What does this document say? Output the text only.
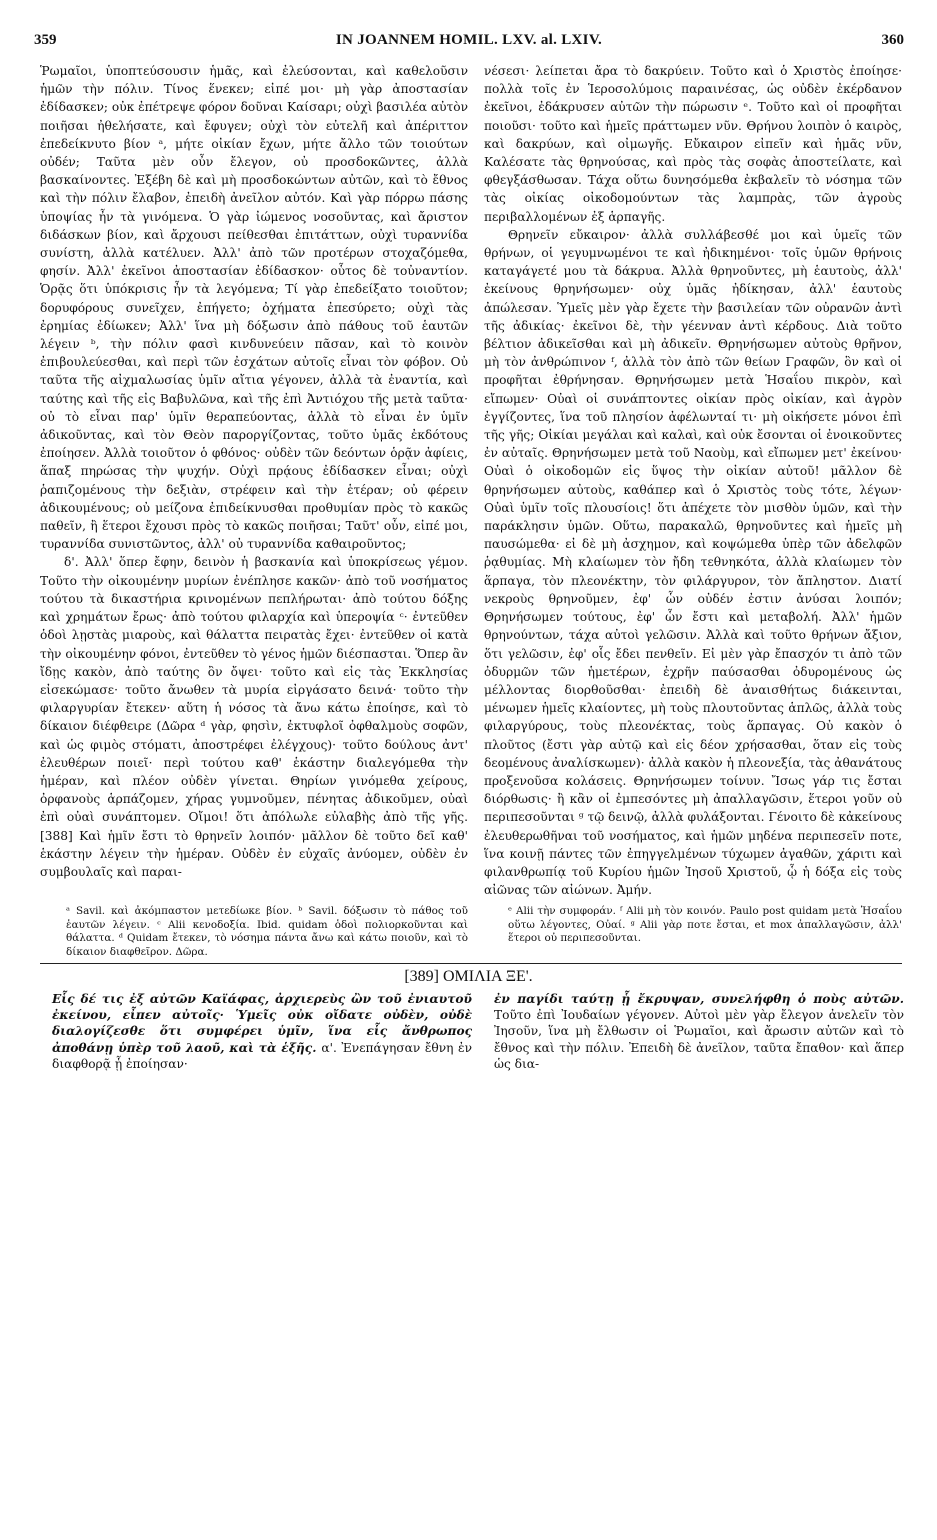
359	IN JOANNEM HOMIL. LXV. al. LXIV.	360

Ῥωμαῖοι, ὑποπτεύσουσιν ἡμᾶς, καὶ ἐλεύσονται, καὶ καθελοῦσιν ἡμῶν τὴν πόλιν. Τίνος ἕνεκεν; εἰπέ μοι· μὴ γὰρ ἀποστασίαν ἐδίδασκεν; οὐκ ἐπέτρεψε φόρον δοῦναι Καίσαρι; οὐχὶ βασιλέα αὐτὸν ποιῆσαι ἠθελήσατε, καὶ ἔφυγεν; οὐχὶ τὸν εὐτελῆ καὶ ἀπέριττον ἐπεδείκνυτο βίον ᵃ, μήτε οἰκίαν ἔχων, μήτε ἄλλο τῶν τοιούτων οὐδέν; Ταῦτα μὲν οὖν ἔλεγον, οὐ προσδοκῶντες, ἀλλὰ βασκαίνοντες. Ἐξέβη δὲ καὶ μὴ προσδοκώντων αὐτῶν, καὶ τὸ ἔθνος καὶ τὴν πόλιν ἔλαβον, ἐπειδὴ ἀνεῖλον αὐτόν. Καὶ γὰρ πόρρω πάσης ὑποψίας ἦν τὰ γινόμενα. Ὁ γὰρ ἰώμενος νοσοῦντας, καὶ ἄριστον διδάσκων βίον, καὶ ἄρχουσι πείθεσθαι ἐπιτάττων, οὐχὶ τυραννίδα συνίστη, ἀλλὰ κατέλυεν. Ἀλλ' ἀπὸ τῶν προτέρων στοχαζόμεθα, φησίν. Ἀλλ' ἐκεῖνοι ἀποστασίαν ἐδίδασκον· οὗτος δὲ τοὐναντίον. Ὁρᾷς ὅτι ὑπόκρισις ἦν τὰ λεγόμενα; Τί γὰρ ἐπεδείξατο τοιοῦτον; δορυφόρους συνεῖχεν, ἐπήγετο; ὀχήματα ἐπεσύρετο; οὐχὶ τὰς ἐρημίας ἐδίωκεν; Ἀλλ' ἵνα μὴ δόξωσιν ἀπὸ πάθους τοῦ ἑαυτῶν λέγειν ᵇ, τὴν πόλιν φασὶ κινδυνεύειν πᾶσαν, καὶ τὸ κοινὸν ἐπιβουλεύεσθαι, καὶ περὶ τῶν ἐσχάτων αὐτοῖς εἶναι τὸν φόβον. Οὐ ταῦτα τῆς αἰχμαλωσίας ὑμῖν αἴτια γέγονεν, ἀλλὰ τὰ ἐναντία, καὶ ταύτης καὶ τῆς εἰς Βαβυλῶνα, καὶ τῆς ἐπὶ Ἀντιόχου τῆς μετὰ ταῦτα· οὐ τὸ εἶναι παρ' ὑμῖν θεραπεύοντας, ἀλλὰ τὸ εἶναι ἐν ὑμῖν ἀδικοῦντας, καὶ τὸν Θεὸν παροργίζοντας, τοῦτο ὑμᾶς ἐκδότους ἐποίησεν. Ἀλλὰ τοιοῦτον ὁ φθόνος· οὐδὲν τῶν δεόντων ὁρᾷν ἀφίεις, ἅπαξ πηρώσας τὴν ψυχήν. Οὐχὶ πρᾴους ἐδίδασκεν εἶναι; οὐχὶ ῥαπιζομένους τὴν δεξιὰν, στρέφειν καὶ τὴν ἑτέραν; οὐ φέρειν ἀδικουμένους; οὐ μείζονα ἐπιδείκνυσθαι προθυμίαν πρὸς τὸ κακῶς παθεῖν, ἢ ἕτεροι ἔχουσι πρὸς τὸ κακῶς ποιῆσαι; Ταῦτ' οὖν, εἰπέ μοι, τυραννίδα συνιστῶντος, ἀλλ' οὐ τυραννίδα καθαιροῦντος;

δ'. Ἀλλ' ὅπερ ἔφην, δεινὸν ἡ βασκανία καὶ ὑποκρίσεως γέμον. Τοῦτο τὴν οἰκουμένην μυρίων ἐνέπλησε κακῶν· ἀπὸ τοῦ νοσήματος τούτου τὰ δικαστήρια κρινομένων πεπλήρωται· ἀπὸ τούτου δόξης καὶ χρημάτων ἔρως· ἀπὸ τούτου φιλαρχία καὶ ὑπεροψία ᶜ· ἐντεῦθεν ὁδοὶ λῃστὰς μιαροὺς, καὶ θάλαττα πειρατὰς ἔχει· ἐντεῦθεν οἱ κατὰ τὴν οἰκουμένην φόνοι, ἐντεῦθεν τὸ γένος ἡμῶν διέσπασται. Ὅπερ ἂν ἴδῃς κακὸν, ἀπὸ ταύτης ὂν ὄψει· τοῦτο καὶ εἰς τὰς Ἐκκλησίας εἰσεκώμασε· τοῦτο ἄνωθεν τὰ μυρία εἰργάσατο δεινά· τοῦτο τὴν φιλαργυρίαν ἔτεκεν· αὕτη ἡ νόσος τὰ ἄνω κάτω ἐποίησε, καὶ τὸ δίκαιον διέφθειρε (Δῶρα ᵈ γὰρ, φησὶν, ἐκτυφλοῖ ὀφθαλμοὺς σοφῶν, καὶ ὡς φιμὸς στόματι, ἀποστρέφει ἐλέγχους)· τοῦτο δούλους ἀντ' ἐλευθέρων ποιεῖ· περὶ τούτου καθ' ἑκάστην διαλεγόμεθα τὴν ἡμέραν, καὶ πλέον οὐδὲν γίνεται. Θηρίων γινόμεθα χείρους, ὀρφανοὺς ἁρπάζομεν, χήρας γυμνοῦμεν, πένητας ἀδικοῦμεν, οὐαὶ ἐπὶ οὐαὶ συνάπτομεν. Οἴμοι! ὅτι ἀπόλωλε εὐλαβὴς ἀπὸ τῆς γῆς. [388] Καὶ ἡμῖν ἔστι τὸ θρηνεῖν λοιπόν· μᾶλλον δὲ τοῦτο δεῖ καθ' ἑκάστην λέγειν τὴν ἡμέραν. Οὐδὲν ἐν εὐχαῖς ἀνύομεν, οὐδὲν ἐν συμβουλαῖς καὶ παραι-

νέσεσι· λείπεται ἄρα τὸ δακρύειν. Τοῦτο καὶ ὁ Χριστὸς ἐποίησε· πολλὰ τοῖς ἐν Ἱεροσολύμοις παραινέσας, ὡς οὐδὲν ἐκέρδανον ἐκεῖνοι, ἐδάκρυσεν αὐτῶν τὴν πώρωσιν ᵉ. Τοῦτο καὶ οἱ προφῆται ποιοῦσι· τοῦτο καὶ ἡμεῖς πράττωμεν νῦν. Θρήνου λοιπὸν ὁ καιρὸς, καὶ δακρύων, καὶ οἰμωγῆς. Εὔκαιρον εἰπεῖν καὶ ἡμᾶς νῦν, Καλέσατε τὰς θρηνούσας, καὶ πρὸς τὰς σοφὰς ἀποστείλατε, καὶ φθεγξάσθωσαν. Τάχα οὕτω δυνησόμεθα ἐκβαλεῖν τὸ νόσημα τῶν τὰς οἰκίας οἰκοδομούντων τὰς λαμπρὰς, τῶν ἀγροὺς περιβαλλομένων ἐξ ἁρπαγῆς.

Θρηνεῖν εὔκαιρον· ἀλλὰ συλλάβεσθέ μοι καὶ ὑμεῖς τῶν θρήνων, οἱ γεγυμνωμένοι τε καὶ ἠδικημένοι· τοῖς ὑμῶν θρήνοις καταγάγετέ μου τὰ δάκρυα. Ἀλλὰ θρηνοῦντες, μὴ ἑαυτοὺς, ἀλλ' ἐκείνους θρηνήσωμεν· οὐχ ὑμᾶς ἠδίκησαν, ἀλλ' ἑαυτοὺς ἀπώλεσαν. Ὑμεῖς μὲν γὰρ ἔχετε τὴν βασιλείαν τῶν οὐρανῶν ἀντὶ τῆς ἀδικίας· ἐκεῖνοι δὲ, τὴν γέενναν ἀντὶ κέρδους. Διὰ τοῦτο βέλτιον ἀδικεῖσθαι καὶ μὴ ἀδικεῖν. Θρηνήσωμεν αὐτοὺς θρῆνον, μὴ τὸν ἀνθρώπινον ᶠ, ἀλλὰ τὸν ἀπὸ τῶν θείων Γραφῶν, ὃν καὶ οἱ προφῆται ἐθρήνησαν. Θρηνήσωμεν μετὰ Ἡσαΐου πικρὸν, καὶ εἴπωμεν· Οὐαὶ οἱ συνάπτοντες οἰκίαν πρὸς οἰκίαν, καὶ ἀγρὸν ἐγγίζοντες, ἵνα τοῦ πλησίον ἀφέλωνταί τι· μὴ οἰκήσετε μόνοι ἐπὶ τῆς γῆς; Οἰκίαι μεγάλαι καὶ καλαὶ, καὶ οὐκ ἔσονται οἱ ἐνοικοῦντες ἐν αὐταῖς. Θρηνήσωμεν μετὰ τοῦ Ναοὺμ, καὶ εἴπωμεν μετ' ἐκείνου· Οὐαὶ ὁ οἰκοδομῶν εἰς ὕψος τὴν οἰκίαν αὐτοῦ! μᾶλλον δὲ θρηνήσωμεν αὐτοὺς, καθάπερ καὶ ὁ Χριστὸς τοὺς τότε, λέγων· Οὐαὶ ὑμῖν τοῖς πλουσίοις! ὅτι ἀπέχετε τὸν μισθὸν ὑμῶν, καὶ τὴν παράκλησιν ὑμῶν. Οὕτω, παρακαλῶ, θρηνοῦντες καὶ ἡμεῖς μὴ παυσώμεθα· εἰ δὲ μὴ ἀσχημον, καὶ κοψώμεθα ὑπὲρ τῶν ἀδελφῶν ῥᾳθυμίας. Μὴ κλαίωμεν τὸν ἤδη τεθνηκότα, ἀλλὰ κλαίωμεν τὸν ἅρπαγα, τὸν πλεονέκτην, τὸν φιλάργυρον, τὸν ἄπληστον. Διατί νεκροὺς θρηνοῦμεν, ἐφ' ὧν οὐδέν ἐστιν ἀνύσαι λοιπόν; Θρηνήσωμεν τούτους, ἐφ' ὧν ἔστι καὶ μεταβολή. Ἀλλ' ἡμῶν θρηνούντων, τάχα αὐτοὶ γελῶσιν. Ἀλλὰ καὶ τοῦτο θρήνων ἄξιον, ὅτι γελῶσιν, ἐφ' οἷς ἔδει πενθεῖν. Εἰ μὲν γὰρ ἔπασχόν τι ἀπὸ τῶν ὀδυρμῶν τῶν ἡμετέρων, ἐχρῆν παύσασθαι ὀδυρομένους ὡς μέλλοντας διορθοῦσθαι· ἐπειδὴ δὲ ἀναισθήτως διάκεινται, μένωμεν ἡμεῖς κλαίοντες, μὴ τοὺς πλουτοῦντας ἁπλῶς, ἀλλὰ τοὺς φιλαργύρους, τοὺς πλεονέκτας, τοὺς ἅρπαγας. Οὐ κακὸν ὁ πλοῦτος (ἔστι γὰρ αὐτῷ καὶ εἰς δέον χρήσασθαι, ὅταν εἰς τοὺς δεομένους ἀναλίσκωμεν)· ἀλλὰ κακὸν ἡ πλεονεξία, τὰς ἀθανάτους προξενοῦσα κολάσεις. Θρηνήσωμεν τοίνυν. Ἴσως γάρ τις ἔσται διόρθωσις· ἢ κἂν οἱ ἐμπεσόντες μὴ ἀπαλλαγῶσιν, ἕτεροι γοῦν οὐ περιπεσοῦνται ᵍ τῷ δεινῷ, ἀλλὰ φυλάξονται. Γένοιτο δὲ κἀκείνους ἐλευθερωθῆναι τοῦ νοσήματος, καὶ ἡμῶν μηδένα περιπεσεῖν ποτε, ἵνα κοινῇ πάντες τῶν ἐπηγγελμένων τύχωμεν ἀγαθῶν, χάριτι καὶ φιλανθρωπίᾳ τοῦ Κυρίου ἡμῶν Ἰησοῦ Χριστοῦ, ᾧ ἡ δόξα εἰς τοὺς αἰῶνας τῶν αἰώνων. Ἀμήν.

ᵃ Savil. καὶ ἀκόμπαστον μετεδίωκε βίον. ᵇ Savil. δόξωσιν τὸ πάθος τοῦ ἑαυτῶν λέγειν. ᶜ Alii κενοδοξία. Ibid. quidam ὁδοὶ πολιορκοῦνται καὶ θάλαττα. ᵈ Quidam ἔτεκεν, τὸ νόσημα πάντα ἄνω καὶ κάτω ποιοῦν, καὶ τὸ δίκαιον διαφθεῖρον. Δῶρα.
ᵉ Alii τὴν συμφοράν. ᶠ Alii μὴ τὸν κοινόν. Paulo post quidam μετὰ Ἡσαΐου οὕτω λέγοντες, Οὐαί. ᵍ Alii γὰρ ποτε ἔσται, et mox ἀπαλλαγῶσιν, ἀλλ' ἕτεροι οὐ περιπεσοῦνται.
[389] ΟΜΙΛΙΑ ΞΕ'.
Εἷς δέ τις ἐξ αὐτῶν Καϊάφας, ἀρχιερεὺς ὢν τοῦ ἐνιαυτοῦ ἐκείνου, εἶπεν αὐτοῖς· Ὑμεῖς οὐκ οἴδατε οὐδὲν, οὐδὲ διαλογίζεσθε ὅτι συμφέρει ὑμῖν, ἵνα εἷς ἄνθρωπος ἀποθάνῃ ὑπὲρ τοῦ λαοῦ, καὶ τὰ ἑξῆς. α'. Ἐνεπάγησαν ἔθνη ἐν διαφθορᾷ ᾗ ἐποίησαν·
ἐν παγίδι ταύτῃ ᾗ ἔκρυψαν, συνελήφθη ὁ ποὺς αὐτῶν. Τοῦτο ἐπὶ Ἰουδαίων γέγονεν. Αὐτοὶ μὲν γὰρ ἔλεγον ἀνελεῖν τὸν Ἰησοῦν, ἵνα μὴ ἔλθωσιν οἱ Ῥωμαῖοι, καὶ ἄρωσιν αὐτῶν καὶ τὸ ἔθνος καὶ τὴν πόλιν. Ἐπειδὴ δὲ ἀνεῖλον, ταῦτα ἔπαθον· καὶ ἅπερ ὡς δια-
